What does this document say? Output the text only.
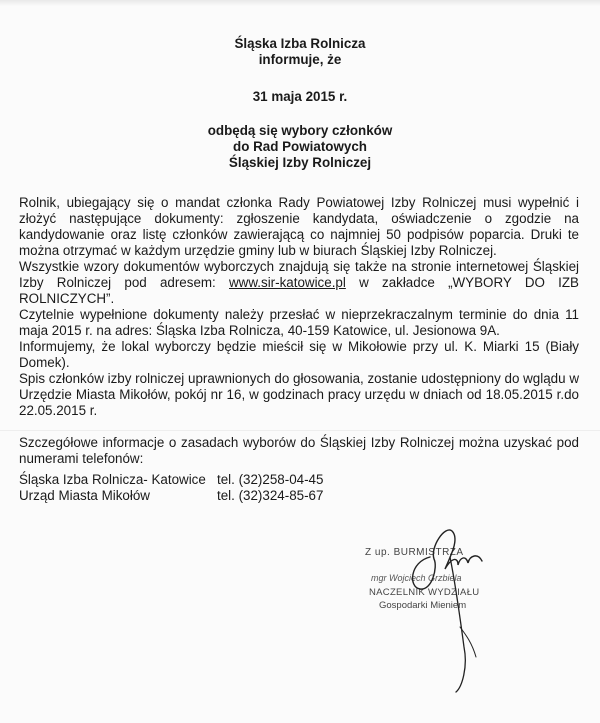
Śląska Izba Rolnicza
informuje, że
31 maja 2015 r.
odbędą się wybory członków
do Rad Powiatowych
Śląskiej Izby Rolniczej

Rolnik, ubiegający się o mandat członka Rady Powiatowej Izby Rolniczej musi wypełnić i złożyć następujące dokumenty: zgłoszenie kandydata, oświadczenie o zgodzie na kandydowanie oraz listę członków zawierającą co najmniej 50 podpisów poparcia. Druki te można otrzymać w każdym urzędzie gminy lub w biurach Śląskiej Izby Rolniczej.

Wszystkie wzory dokumentów wyborczych znajdują się także na stronie internetowej Śląskiej Izby Rolniczej pod adresem: www.sir-katowice.pl w zakładce „WYBORY DO IZB ROLNICZYCH”.

Czytelnie wypełnione dokumenty należy przesłać w nieprzekraczalnym terminie do dnia 11 maja 2015 r. na adres: Śląska Izba Rolnicza, 40-159 Katowice, ul. Jesionowa 9A.

Informujemy, że lokal wyborczy będzie mieścił się w Mikołowie przy ul. K. Miarki 15 (Biały Domek).

Spis członków izby rolniczej uprawnionych do głosowania, zostanie udostępniony do wglądu w Urzędzie Miasta Mikołów, pokój nr 16, w godzinach pracy urzędu w dniach od 18.05.2015 r.do 22.05.2015 r.

Szczegółowe informacje o zasadach wyborów do Śląskiej Izby Rolniczej można uzyskać pod numerami telefonów:

Śląska Izba Rolnicza- Katowice tel. (32)258-04-45
Urząd Miasta Mikołów	tel. (32)324-85-67
Z up. BURMISTRZA
mgr Wojciech Grzbiela
NACZELNIK WYDZIAŁU
Gospodarki Mieniem
